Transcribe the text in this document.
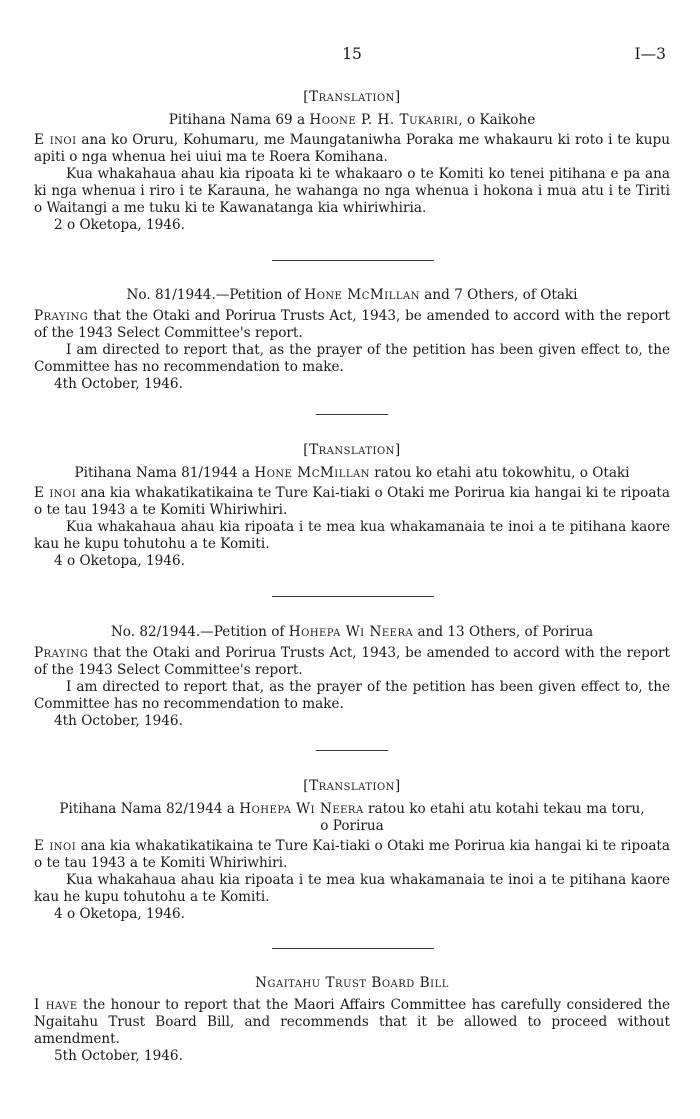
15	I—3
[Translation]
Pitihana Nama 69 a Hoone P. H. Tukariri, o Kaikohe

E inoi ana ko Oruru, Kohumaru, me Maungataniwha Poraka me whakauru ki roto i te kupu apiti o nga whenua hei uiui ma te Roera Komihana.

Kua whakahaua ahau kia ripoata ki te whakaaro o te Komiti ko tenei pitihana e pa ana ki nga whenua i riro i te Karauna, he wahanga no nga whenua i hokona i mua atu i te Tiriti o Waitangi a me tuku ki te Kawanatanga kia whiriwhiria.

2 o Oketopa, 1946.

No. 81/1944.—Petition of Hone McMillan and 7 Others, of Otaki

Praying that the Otaki and Porirua Trusts Act, 1943, be amended to accord with the report of the 1943 Select Committee's report.

I am directed to report that, as the prayer of the petition has been given effect to, the Committee has no recommendation to make.

4th October, 1946.

[Translation]
Pitihana Nama 81/1944 a Hone McMillan ratou ko etahi atu tokowhitu, o Otaki

E inoi ana kia whakatikatikaina te Ture Kai-tiaki o Otaki me Porirua kia hangai ki te ripoata o te tau 1943 a te Komiti Whiriwhiri.

Kua whakahaua ahau kia ripoata i te mea kua whakamanaia te inoi a te pitihana kaore kau he kupu tohutohu a te Komiti.

4 o Oketopa, 1946.

No. 82/1944.—Petition of Hohepa Wi Neera and 13 Others, of Porirua

Praying that the Otaki and Porirua Trusts Act, 1943, be amended to accord with the report of the 1943 Select Committee's report.

I am directed to report that, as the prayer of the petition has been given effect to, the Committee has no recommendation to make.

4th October, 1946.

[Translation]
Pitihana Nama 82/1944 a Hohepa Wi Neera ratou ko etahi atu kotahi tekau ma toru,
o Porirua

E inoi ana kia whakatikatikaina te Ture Kai-tiaki o Otaki me Porirua kia hangai ki te ripoata o te tau 1943 a te Komiti Whiriwhiri.

Kua whakahaua ahau kia ripoata i te mea kua whakamanaia te inoi a te pitihana kaore kau he kupu tohutohu a te Komiti.

4 o Oketopa, 1946.

Ngaitahu Trust Board Bill

I have the honour to report that the Maori Affairs Committee has carefully considered the Ngaitahu Trust Board Bill, and recommends that it be allowed to proceed without amendment.

5th October, 1946.
